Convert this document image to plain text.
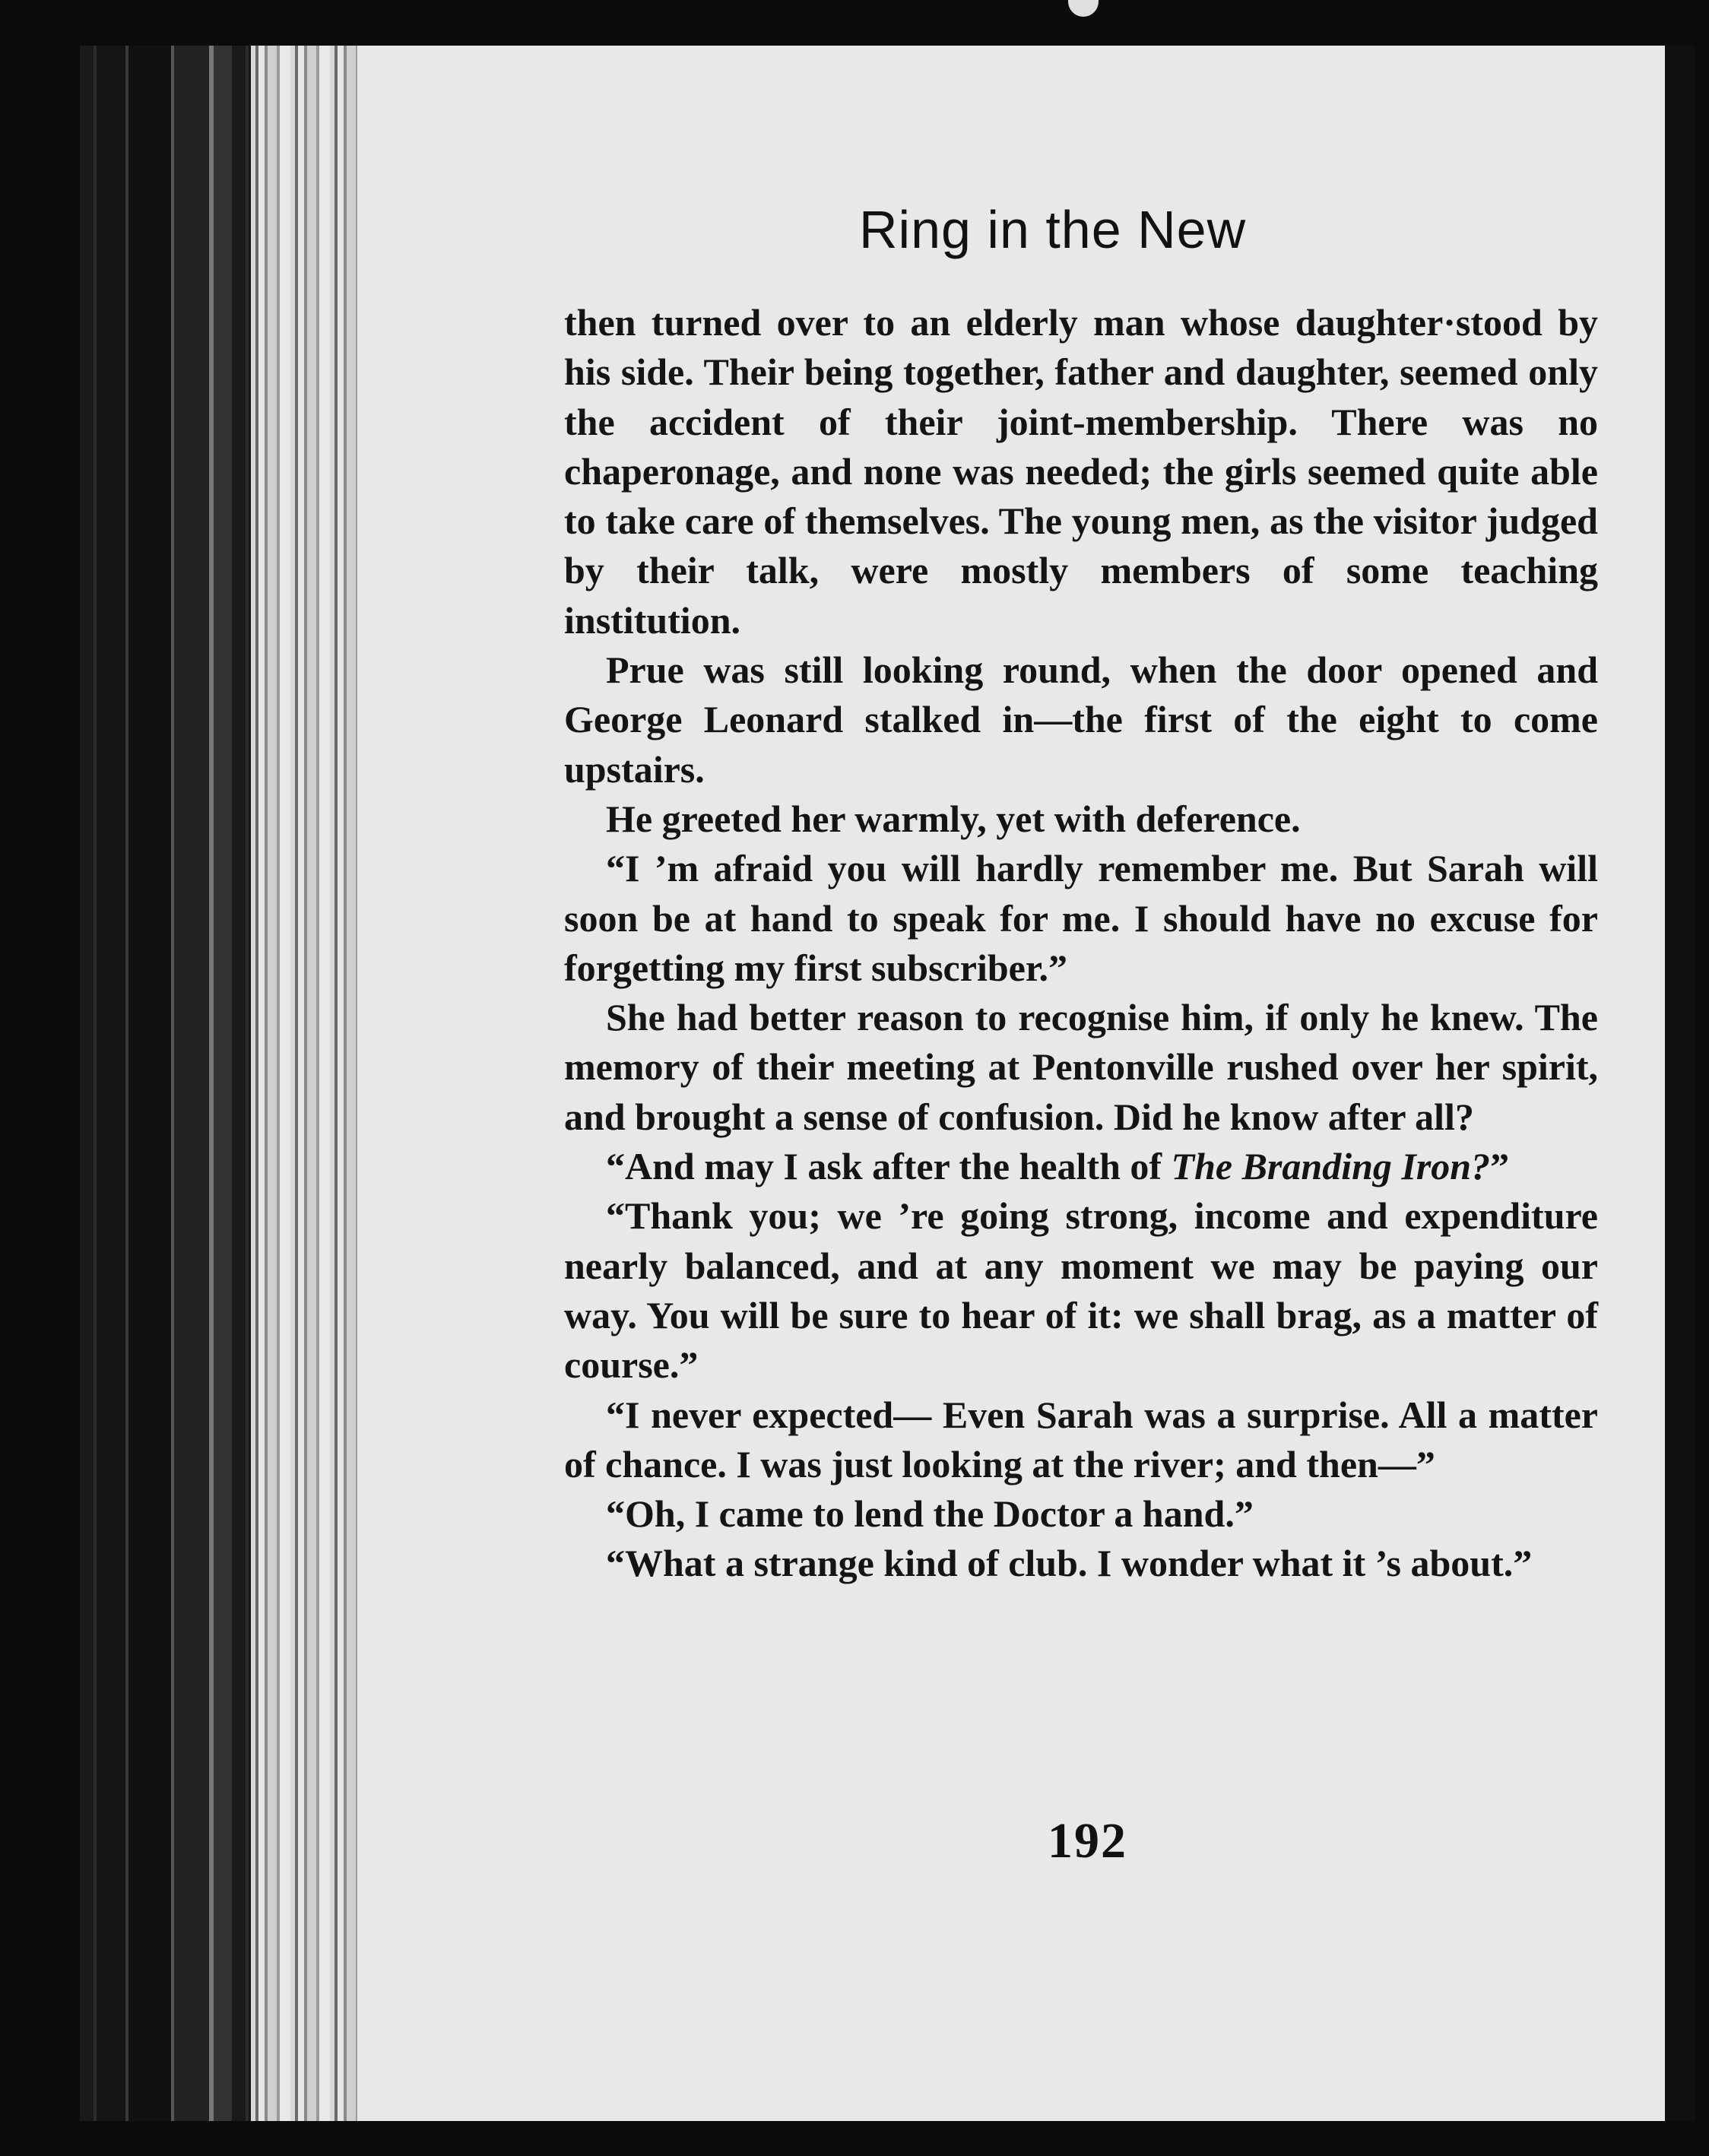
Ring in the New

then turned over to an elderly man whose daughter·stood by his side. Their being together, father and daughter, seemed only the accident of their joint-membership. There was no chaperonage, and none was needed; the girls seemed quite able to take care of themselves. The young men, as the visitor judged by their talk, were mostly members of some teaching institution.

Prue was still looking round, when the door opened and George Leonard stalked in—the first of the eight to come upstairs.

He greeted her warmly, yet with deference.

“I ’m afraid you will hardly remember me. But Sarah will soon be at hand to speak for me. I should have no excuse for forgetting my first subscriber.”

She had better reason to recognise him, if only he knew. The memory of their meeting at Pentonville rushed over her spirit, and brought a sense of confusion. Did he know after all?

“And may I ask after the health of The Branding Iron?”

“Thank you; we ’re going strong, income and expenditure nearly balanced, and at any moment we may be paying our way. You will be sure to hear of it: we shall brag, as a matter of course.”

“I never expected— Even Sarah was a surprise. All a matter of chance. I was just looking at the river; and then—”

“Oh, I came to lend the Doctor a hand.”

“What a strange kind of club. I wonder what it ’s about.”

192
